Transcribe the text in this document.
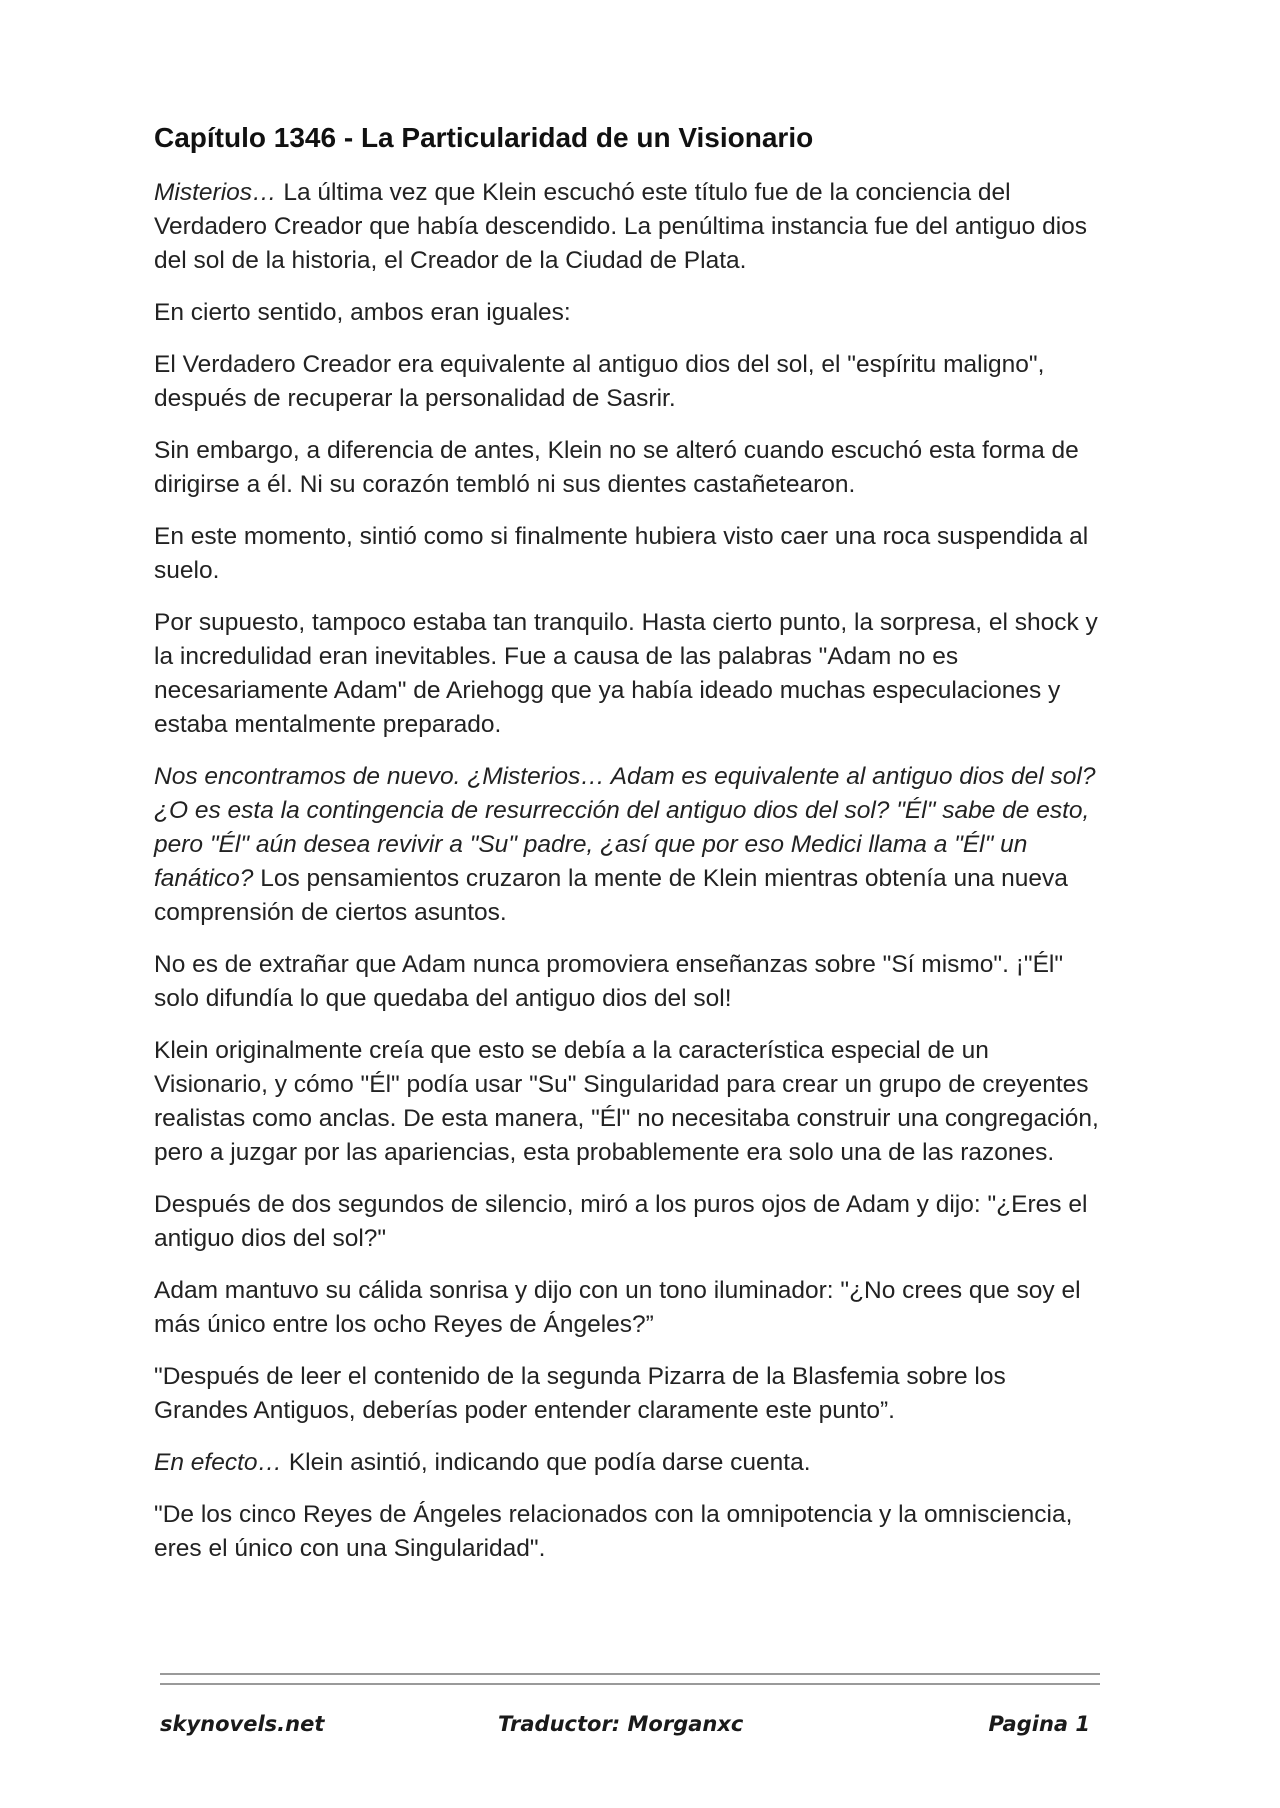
Capítulo 1346 - La Particularidad de un Visionario

Misterios… La última vez que Klein escuchó este título fue de la conciencia del Verdadero Creador que había descendido. La penúltima instancia fue del antiguo dios del sol de la historia, el Creador de la Ciudad de Plata.

En cierto sentido, ambos eran iguales:

El Verdadero Creador era equivalente al antiguo dios del sol, el "espíritu maligno", después de recuperar la personalidad de Sasrir.

Sin embargo, a diferencia de antes, Klein no se alteró cuando escuchó esta forma de dirigirse a él. Ni su corazón tembló ni sus dientes castañetearon.

En este momento, sintió como si finalmente hubiera visto caer una roca suspendida al suelo.

Por supuesto, tampoco estaba tan tranquilo. Hasta cierto punto, la sorpresa, el shock y la incredulidad eran inevitables. Fue a causa de las palabras "Adam no es necesariamente Adam" de Ariehogg que ya había ideado muchas especulaciones y estaba mentalmente preparado.

Nos encontramos de nuevo. ¿Misterios… Adam es equivalente al antiguo dios del sol? ¿O es esta la contingencia de resurrección del antiguo dios del sol? "Él" sabe de esto, pero "Él" aún desea revivir a "Su" padre, ¿así que por eso Medici llama a "Él" un fanático? Los pensamientos cruzaron la mente de Klein mientras obtenía una nueva comprensión de ciertos asuntos.

No es de extrañar que Adam nunca promoviera enseñanzas sobre "Sí mismo". ¡"Él" solo difundía lo que quedaba del antiguo dios del sol!

Klein originalmente creía que esto se debía a la característica especial de un Visionario, y cómo "Él" podía usar "Su" Singularidad para crear un grupo de creyentes realistas como anclas. De esta manera, "Él" no necesitaba construir una congregación, pero a juzgar por las apariencias, esta probablemente era solo una de las razones.

Después de dos segundos de silencio, miró a los puros ojos de Adam y dijo: "¿Eres el antiguo dios del sol?"

Adam mantuvo su cálida sonrisa y dijo con un tono iluminador: "¿No crees que soy el más único entre los ocho Reyes de Ángeles?”

"Después de leer el contenido de la segunda Pizarra de la Blasfemia sobre los Grandes Antiguos, deberías poder entender claramente este punto”.

En efecto… Klein asintió, indicando que podía darse cuenta.

"De los cinco Reyes de Ángeles relacionados con la omnipotencia y la omnisciencia, eres el único con una Singularidad".

skynovels.net	Traductor: Morganxc	Pagina 1
